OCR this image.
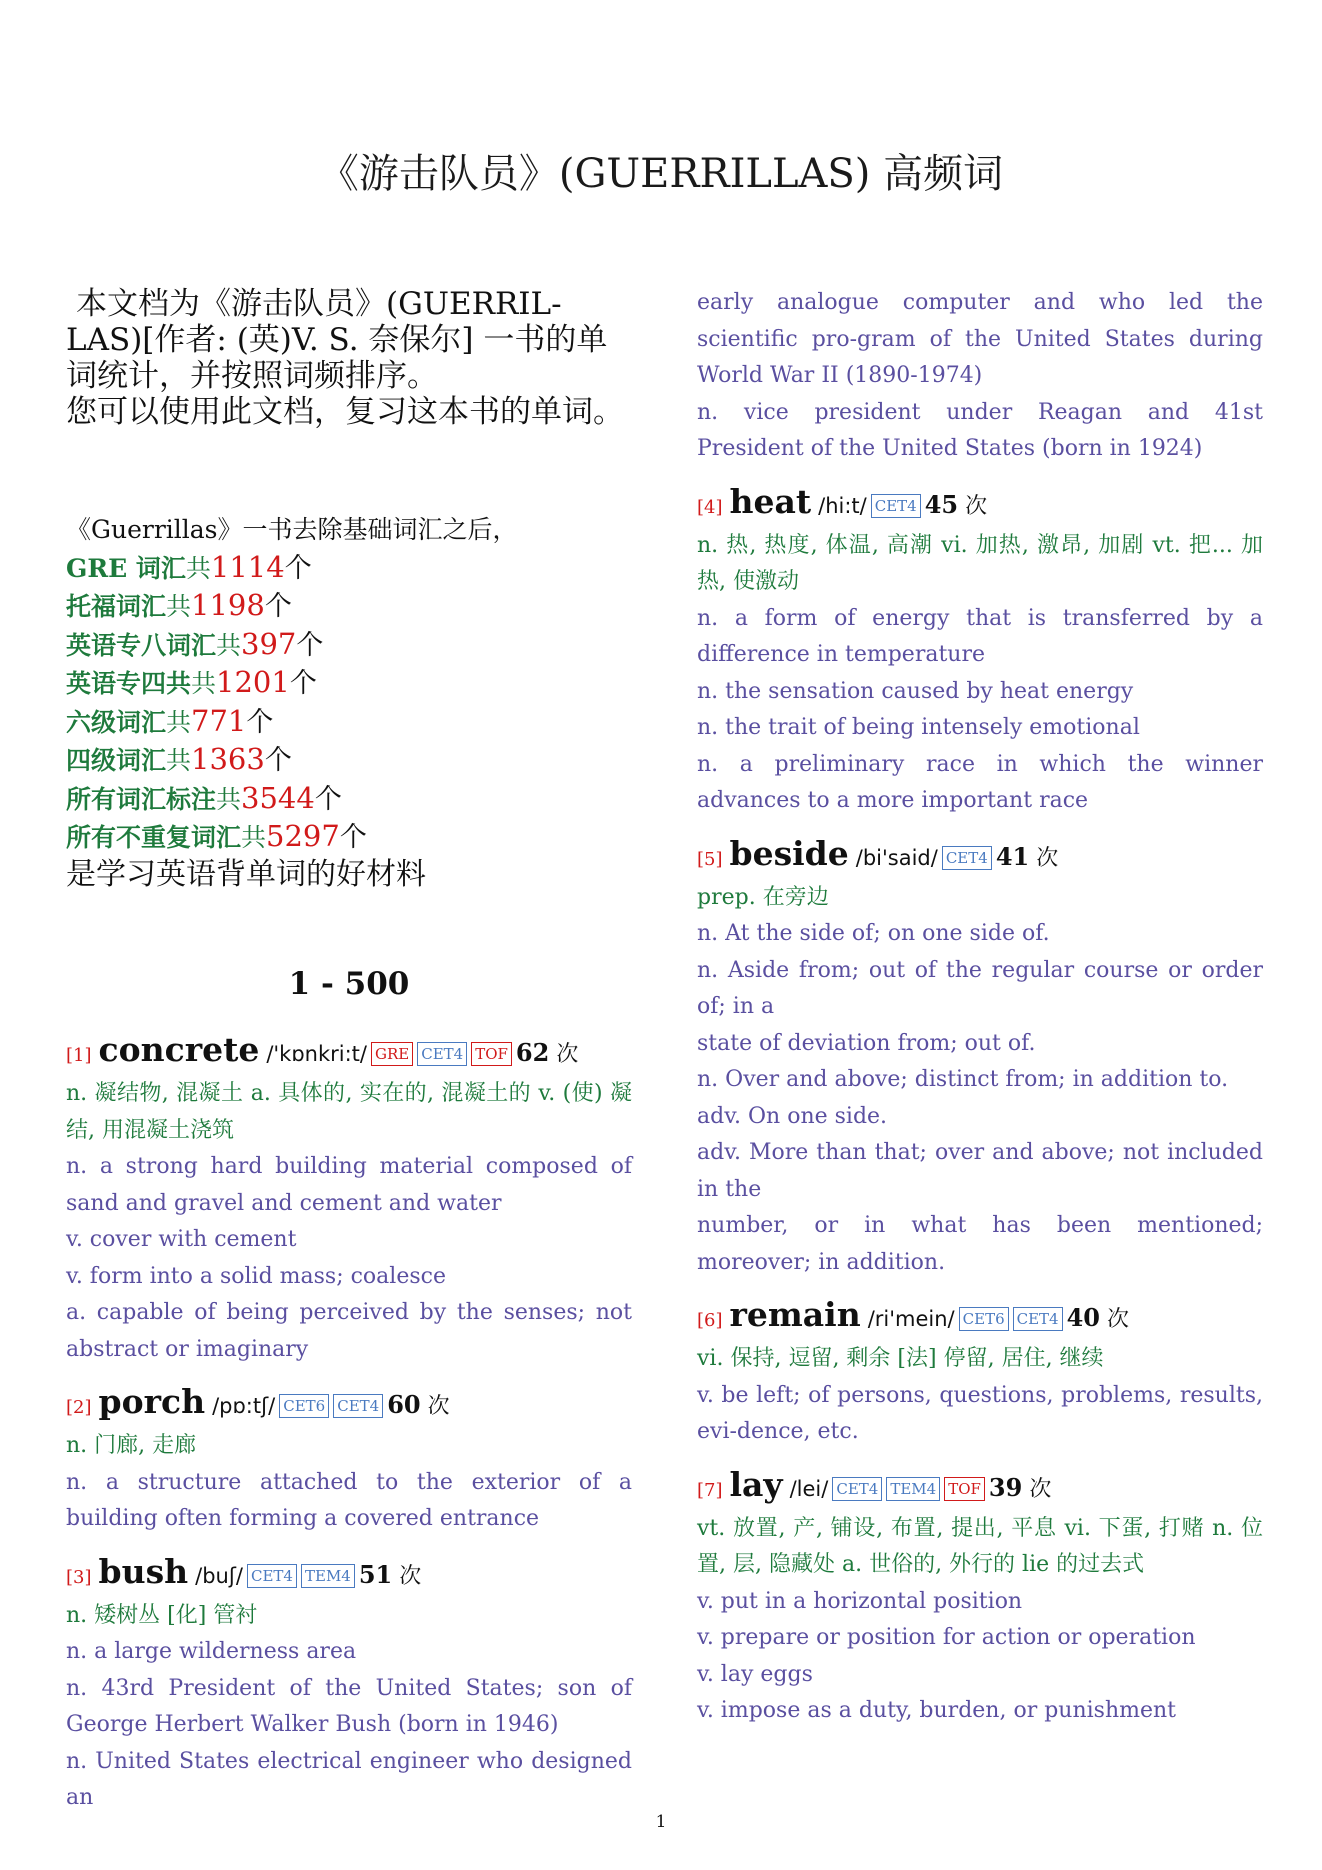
《游击队员》(GUERRILLAS) 高频词

本文档为《游击队员》(GUERRIL-LAS)[作者: (英)V. S. 奈保尔] 一书的单词统计，并按照词频排序。

您可以使用此文档，复习这本书的单词。

《Guerrillas》一书去除基础词汇之后，
GRE 词汇共1114个
托福词汇共1198个
英语专八词汇共397个
英语专四共共1201个
六级词汇共771个
四级词汇共1363个
所有词汇标注共3544个
所有不重复词汇共5297个
是学习英语背单词的好材料
1 - 500
[1] concrete /'kɒnkri:t/ GRE CET4 TOF 62 次
n. 凝结物, 混凝土 a. 具体的, 实在的, 混凝土的 v. (使) 凝结, 用混凝土浇筑
n. a strong hard building material composed of sand and gravel and cement and water
v. cover with cement
v. form into a solid mass; coalesce
a. capable of being perceived by the senses; not abstract or imaginary
[2] porch /pɒ:tʃ/ CET6 CET4 60 次
n. 门廊, 走廊
n. a structure attached to the exterior of a building often forming a covered entrance
[3] bush /buʃ/ CET4 TEM4 51 次
n. 矮树丛 [化] 管衬
n. a large wilderness area
n. 43rd President of the United States; son of George Herbert Walker Bush (born in 1946)
n. United States electrical engineer who designed an
early analogue computer and who led the scientific pro-gram of the United States during World War II (1890-1974)
n. vice president under Reagan and 41st President of the United States (born in 1924)
[4] heat /hi:t/ CET4 45 次
n. 热, 热度, 体温, 高潮 vi. 加热, 激昂, 加剧 vt. 把... 加热, 使激动
n. a form of energy that is transferred by a difference in temperature
n. the sensation caused by heat energy
n. the trait of being intensely emotional
n. a preliminary race in which the winner advances to a more important race
[5] beside /bi'said/ CET4 41 次
prep. 在旁边
n. At the side of; on one side of.
n. Aside from; out of the regular course or order of; in a
state of deviation from; out of.
n. Over and above; distinct from; in addition to.
adv. On one side.
adv. More than that; over and above; not included in the
number, or in what has been mentioned; moreover; in addition.
[6] remain /ri'mein/ CET6 CET4 40 次
vi. 保持, 逗留, 剩余 [法] 停留, 居住, 继续
v. be left; of persons, questions, problems, results, evi-dence, etc.
[7] lay /lei/ CET4 TEM4 TOF 39 次
vt. 放置, 产, 铺设, 布置, 提出, 平息 vi. 下蛋, 打赌 n. 位置, 层, 隐藏处 a. 世俗的, 外行的 lie 的过去式
v. put in a horizontal position
v. prepare or position for action or operation
v. lay eggs
v. impose as a duty, burden, or punishment
1
